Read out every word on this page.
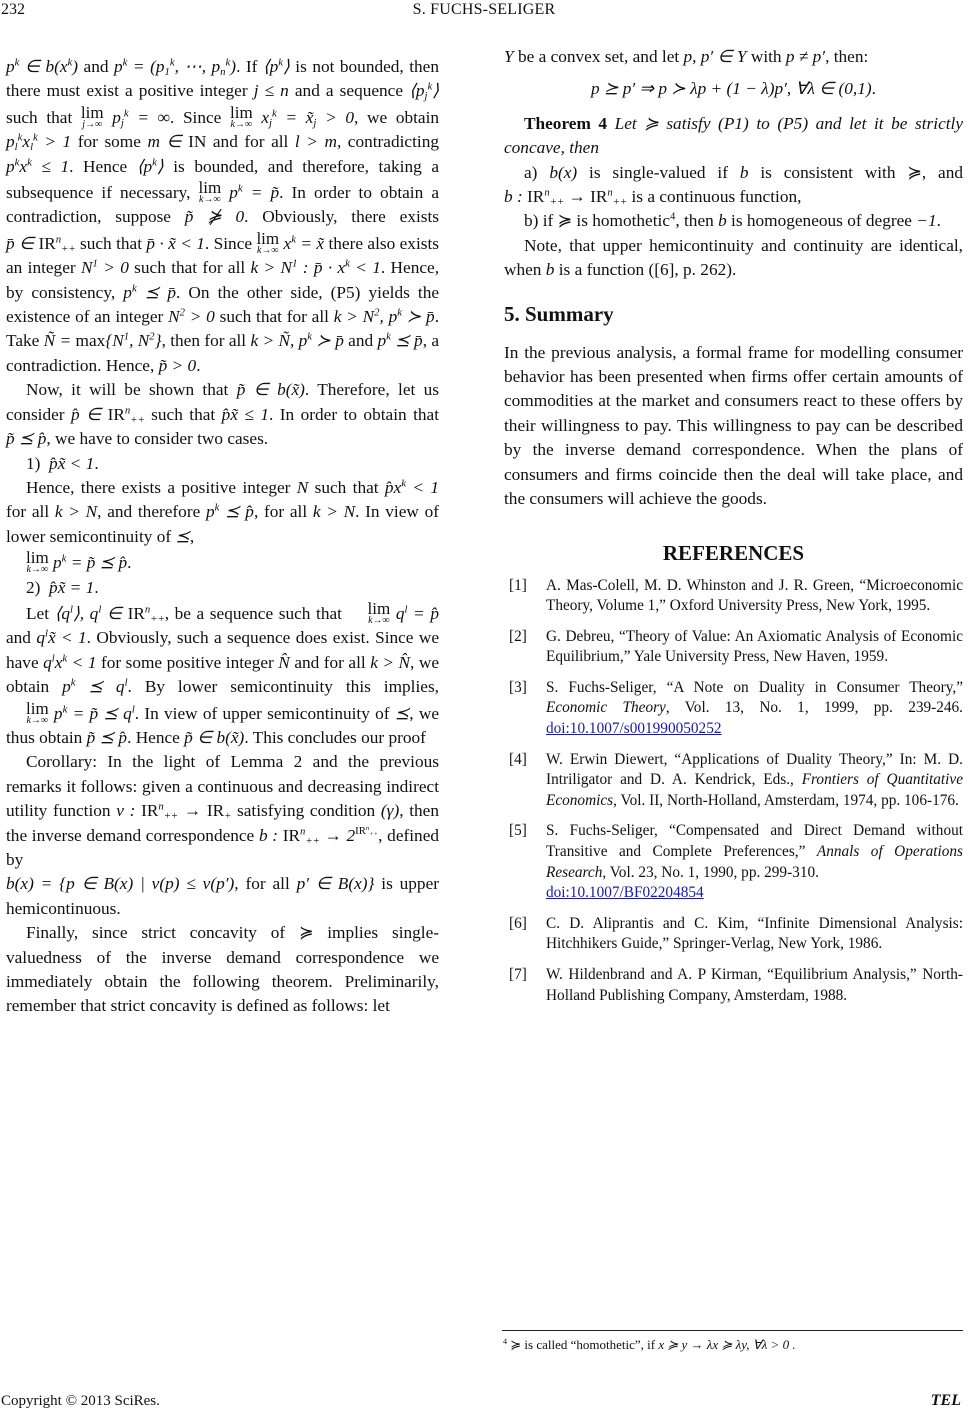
232	S. FUCHS-SELIGER

$p^k$ ∈ $b(x^k)$ and $p^k = (p_1^k$, ⋯, $p_n^k$). If $⟨p^k⟩$ is not bounded, then there must exist a positive integer j ≤ n and a sequence $⟨p_j^k⟩$ such that lim
j→∞ $p_j^k$ = ∞. Since lim
k→∞ $x_j^k$ = $x̃_j > 0$, we obtain $p_l^kx_l^k > 1$ for some m ∈ IN and for all l > m, contradicting $p^kx^k \le 1$. Hence $⟨p^k⟩$ is bounded, and therefore, taking a subsequence if necessary, lim
k→∞ $p^k$ = p̃. In order to obtain a contradiction, suppose p̃ ⋡ 0. Obviously, there exists p̄ ∈ $IR^n_{++}$ such that p̄ · x̃ < 1. Since lim
k→∞ $x^k$ = x̃ there also exists an integer $N^1 > 0$ such that for all $k > N^1$ : p̄ · $x^k < 1$. Hence, by consistency, $p^k$ ⪯ p̄. On the other side, (P5) yields the existence of an integer $N^2 > 0$ such that for all $k > N^2$, $p^k$ ≻ p̄. Take Ñ = $\max\{N^1$, $N^2$}, then for all k > Ñ, $p^k$ ≻ p̄ and $p^k$ ⪯ p̄, a contradiction. Hence, p̃ > 0.

Now, it will be shown that p̃ ∈ b(x̃). Therefore, let us consider p̂ ∈ $IR^n_{++}$ such that p̂x̃ ≤ 1. In order to obtain that p̃ ⪯ p̂, we have to consider two cases.

1) p̂x̃ < 1.

Hence, there exists a positive integer N such that $p̂x^k < 1$ for all k > N, and therefore $p^k$ ⪯ p̂, for all k > N. In view of lower semicontinuity of ⪯,

lim
k→∞ $p^k$ = p̃ ⪯ p̂.

2) p̂x̃ = 1.

Let $⟨q^l⟩$, $q^l$ ∈ $IR^n_{++}$, be a sequence such that	lim
k→∞ $q^l$ = p̂ and $q^lx̃ < 1$. Obviously, such a sequence does exist. Since we have $q^lx^k < 1$ for some positive integer N̂ and for all k > N̂, we obtain $p^k$ ⪯ $q^l$. By lower semicontinuity this implies,
lim
k→∞ $p^k$ = p̃ ⪯ $q^l$. In view of upper semicontinuity of ⪯, we thus obtain p̃ ⪯ p̂. Hence p̃ ∈ b(x̃). This concludes our proof

Corollary: In the light of Lemma 2 and the previous remarks it follows: given a continuous and decreasing indirect utility function v : $IR^n_{++} \to IR_+$ satisfying condition (γ), then the inverse demand correspondence b : $IR^n_{++} \to 2^{IR^n_{++}}$, defined by
b(x) = {p ∈ B(x) | v(p) ≤ v(p′), for all p′ ∈ B(x)} is upper hemicontinuous.

Finally, since strict concavity of ≽ implies single-valuedness of the inverse demand correspondence we immediately obtain the following theorem. Preliminarily, remember that strict concavity is defined as follows: let

Y be a convex set, and let p, p′ ∈ Y with p ≠ p′, then:

p ⪰ p′ ⇒ p ≻ λp + (1 − λ)p′, ∀λ ∈ (0,1).

Theorem 4 Let ≽ satisfy (P1) to (P5) and let it be strictly concave, then

a) b(x) is single-valued if b is consistent with ≽, and b : $IR^n_{++} \to IR^n_{++}$ is a continuous function,

b) if ≽ is homothetic$^4$, then b is homogeneous of degree −1.

Note, that upper hemicontinuity and continuity are identical, when b is a function ([6], p. 262).

5. Summary

In the previous analysis, a formal frame for modelling consumer behavior has been presented when firms offer certain amounts of commodities at the market and consumers react to these offers by their willingness to pay. This willingness to pay can be described by the inverse demand correspondence. When the plans of consumers and firms coincide then the deal will take place, and the consumers will achieve the goods.

REFERENCES
[1]	A. Mas-Colell, M. D. Whinston and J. R. Green, “Microeconomic Theory, Volume 1,” Oxford University Press, New York, 1995.
[2]	G. Debreu, “Theory of Value: An Axiomatic Analysis of Economic Equilibrium,” Yale University Press, New Haven, 1959.
[3]	S. Fuchs-Seliger, “A Note on Duality in Consumer Theory,” Economic Theory, Vol. 13, No. 1, 1999, pp. 239-246. doi:10.1007/s001990050252
[4]	W. Erwin Diewert, “Applications of Duality Theory,” In: M. D. Intriligator and D. A. Kendrick, Eds., Frontiers of Quantitative Economics, Vol. II, North-Holland, Amsterdam, 1974, pp. 106-176.
[5]	S. Fuchs-Seliger, “Compensated and Direct Demand without Transitive and Complete Preferences,” Annals of Operations Research, Vol. 23, No. 1, 1990, pp. 299-310.
doi:10.1007/BF02204854
[6]	C. D. Aliprantis and C. Kim, “Infinite Dimensional Analysis: Hitchhikers Guide,” Springer-Verlag, New York, 1986.
[7]	W. Hildenbrand and A. P Kirman, “Equilibrium Analysis,” North-Holland Publishing Company, Amsterdam, 1988.
$^4$ ≽ is called “homothetic”, if x ≽ y → λx ≽ λy, ∀λ > 0 .
Copyright © 2013 SciRes.	TEL
